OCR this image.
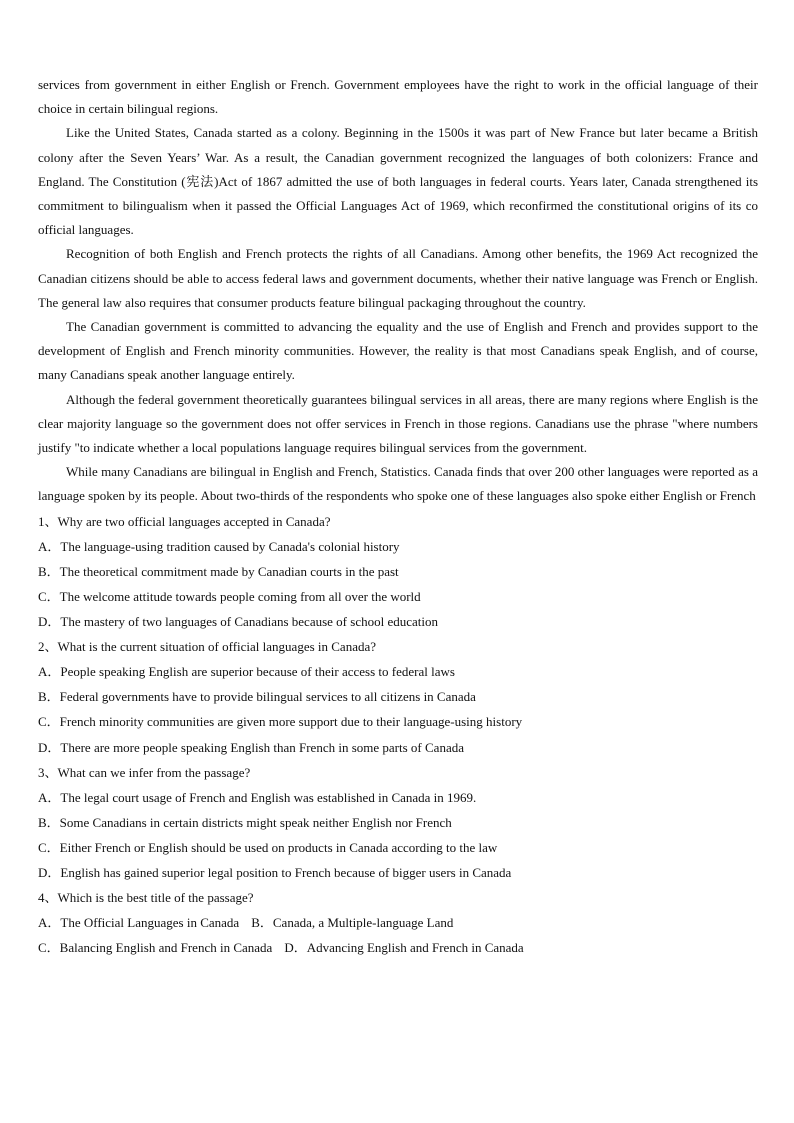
services from government in either English or French. Government employees have the right to work in the official language of their choice in certain bilingual regions.

Like the United States, Canada started as a colony. Beginning in the 1500s it was part of New France but later became a British colony after the Seven Years’ War. As a result, the Canadian government recognized the languages of both colonizers: France and England. The Constitution (宪法)Act of 1867 admitted the use of both languages in federal courts. Years later, Canada strengthened its commitment to bilingualism when it passed the Official Languages Act of 1969, which reconfirmed the constitutional origins of its co official languages.

Recognition of both English and French protects the rights of all Canadians. Among other benefits, the 1969 Act recognized the Canadian citizens should be able to access federal laws and government documents, whether their native language was French or English. The general law also requires that consumer products feature bilingual packaging throughout the country.

The Canadian government is committed to advancing the equality and the use of English and French and provides support to the development of English and French minority communities. However, the reality is that most Canadians speak English, and of course, many Canadians speak another language entirely.

Although the federal government theoretically guarantees bilingual services in all areas, there are many regions where English is the clear majority language so the government does not offer services in French in those regions. Canadians use the phrase "where numbers justify "to indicate whether a local populations language requires bilingual services from the government.

While many Canadians are bilingual in English and French, Statistics. Canada finds that over 200 other languages were reported as a language spoken by its people. About two-thirds of the respondents who spoke one of these languages also spoke either English or French

1、Why are two official languages accepted in Canada?

A．The language-using tradition caused by Canada's colonial history

B．The theoretical commitment made by Canadian courts in the past

C．The welcome attitude towards people coming from all over the world

D．The mastery of two languages of Canadians because of school education

2、What is the current situation of official languages in Canada?

A．People speaking English are superior because of their access to federal laws

B．Federal governments have to provide bilingual services to all citizens in Canada

C．French minority communities are given more support due to their language-using history

D．There are more people speaking English than French in some parts of Canada

3、What can we infer from the passage?

A．The legal court usage of French and English was established in Canada in 1969.

B．Some Canadians in certain districts might speak neither English nor French

C．Either French or English should be used on products in Canada according to the law

D．English has gained superior legal position to French because of bigger users in Canada

4、Which is the best title of the passage?

A．The Official Languages in Canada B．Canada, a Multiple-language Land

C．Balancing English and French in Canada D．Advancing English and French in Canada
